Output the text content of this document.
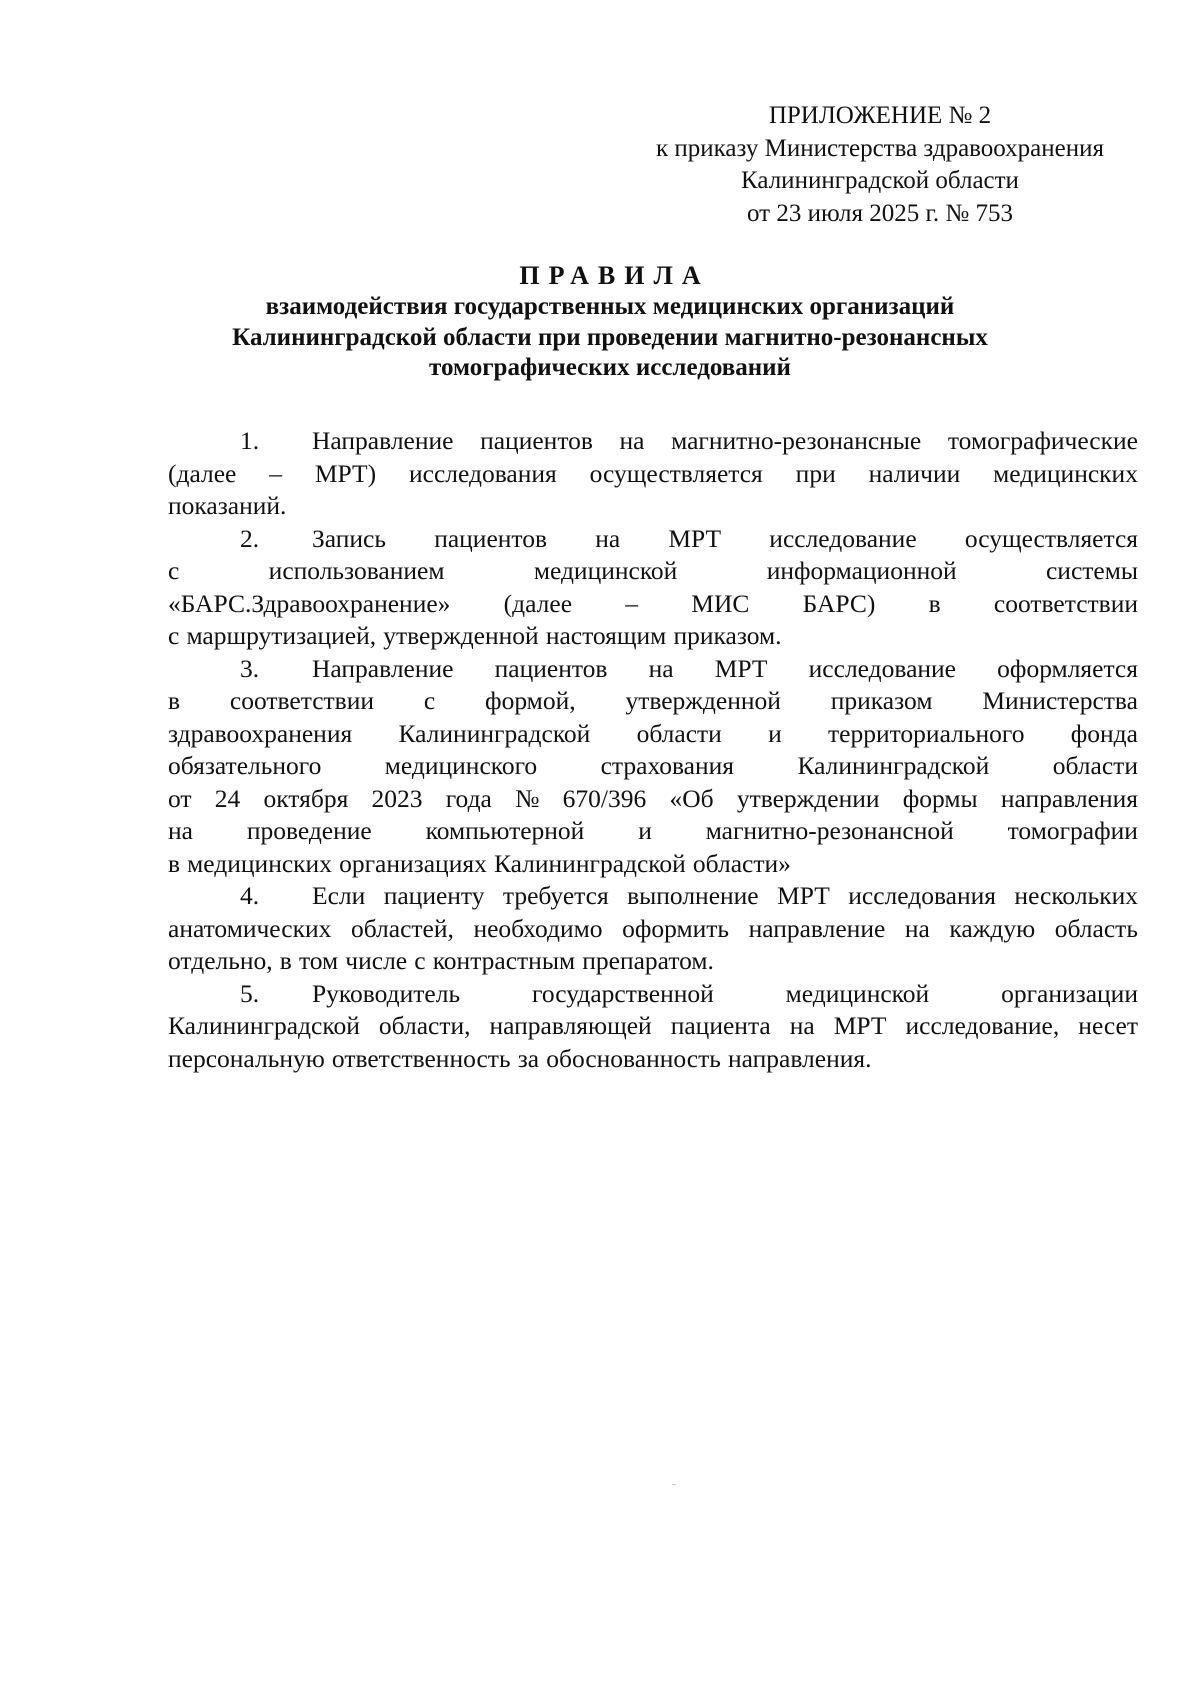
ПРИЛОЖЕНИЕ № 2
к приказу Министерства здравоохранения
Калининградской области
от 23 июля 2025 г. № 753
ПРАВИЛА
взаимодействия государственных медицинских организаций
Калининградской области при проведении магнитно-резонансных
томографических исследований
1.	Направление пациентов на магнитно-резонансные томографические
(далее – МРТ) исследования осуществляется при наличии медицинских
показаний.
2.	Запись пациентов на МРТ исследование осуществляется
с	использованием	медицинской	информационной	системы
«БАРС.Здравоохранение» (далее – МИС БАРС) в соответствии
с маршрутизацией, утвержденной настоящим приказом.
3.	Направление пациентов на МРТ исследование оформляется
в соответствии с формой, утвержденной приказом Министерства
здравоохранения Калининградской области и территориального фонда
обязательного медицинского страхования Калининградской области
от 24 октября 2023 года № 670/396 «Об утверждении формы направления
на проведение компьютерной и магнитно-резонансной томографии
в медицинских организациях Калининградской области»
4.	Если пациенту требуется выполнение МРТ исследования нескольких
анатомических областей, необходимо оформить направление на каждую область
отдельно, в том числе с контрастным препаратом.
5.	Руководитель	государственной	медицинской	организации
Калининградской области, направляющей пациента на МРТ исследование, несет
персональную ответственность за обоснованность направления.
